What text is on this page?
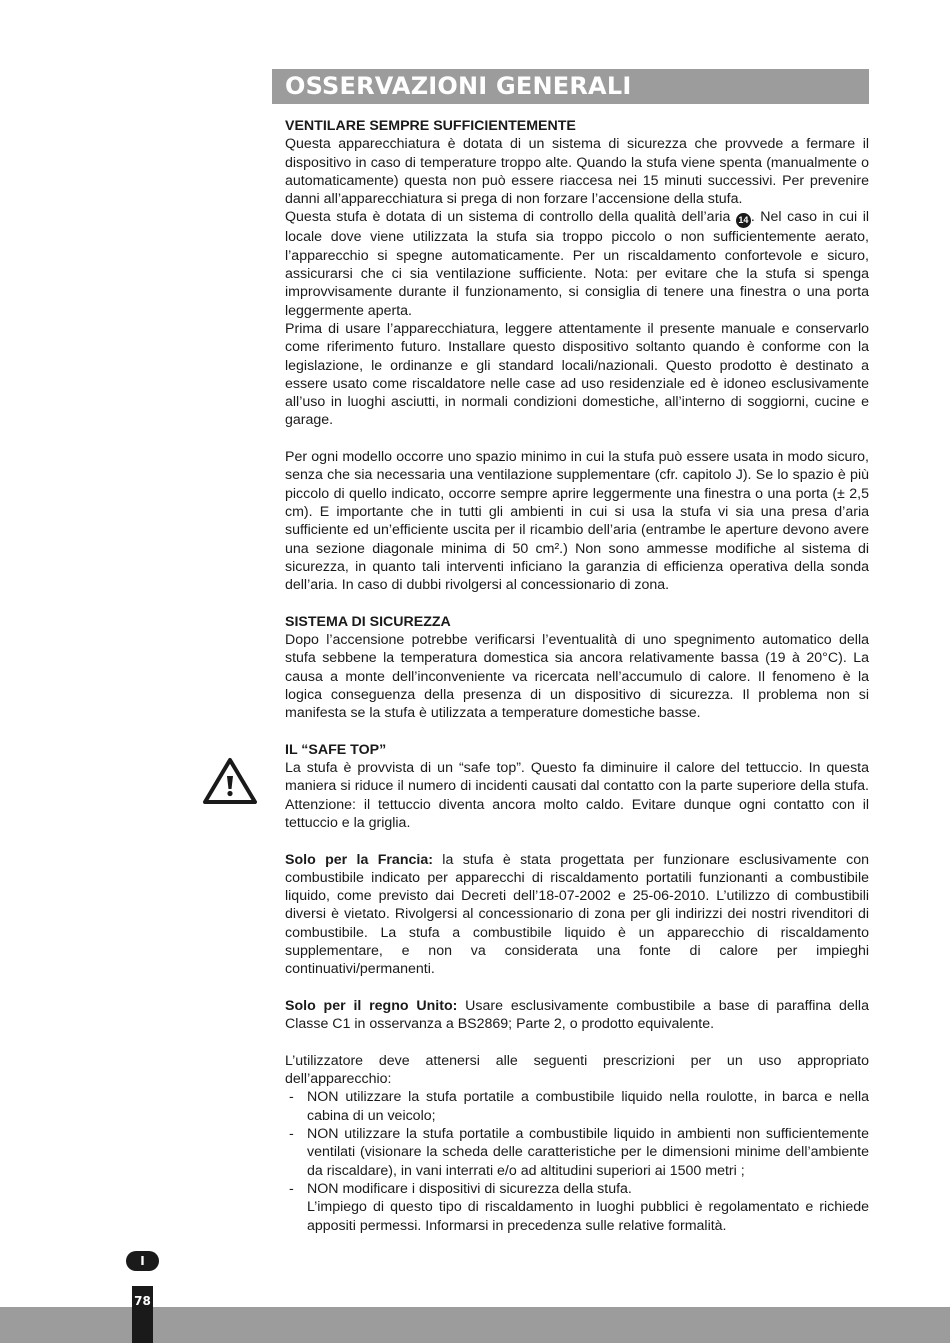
OSSERVAZIONI GENERALI

VENTILARE SEMPRE SUFFICIENTEMENTE

Questa apparecchiatura è dotata di un sistema di sicurezza che provvede a fermare il dispositivo in caso di temperature troppo alte. Quando la stufa viene spenta (manualmente o automaticamente) questa non può essere riaccesa nei 15 minuti successivi. Per prevenire danni all’apparecchiatura si prega di non forzare l’accensione della stufa.

Questa stufa è dotata di un sistema di controllo della qualità dell’aria 14 . Nel caso in cui il locale dove viene utilizzata la stufa sia troppo piccolo o non sufficientemente aerato, l’apparecchio si spegne automaticamente. Per un riscaldamento confortevole e sicuro, assicurarsi che ci sia ventilazione sufficiente. Nota: per evitare che la stufa si spenga improvvisamente durante il funzionamento, si consiglia di tenere una finestra o una porta leggermente aperta.

Prima di usare l’apparecchiatura, leggere attentamente il presente manuale e conservarlo come riferimento futuro. Installare questo dispositivo soltanto quando è conforme con la legislazione, le ordinanze e gli standard locali/nazionali. Questo prodotto è destinato a essere usato come riscaldatore nelle case ad uso residenziale ed è idoneo esclusivamente all’uso in luoghi asciutti, in normali condizioni domestiche, all’interno di soggiorni, cucine e garage.

Per ogni modello occorre uno spazio minimo in cui la stufa può essere usata in modo sicuro, senza che sia necessaria una ventilazione supplementare (cfr. capitolo J). Se lo spazio è più piccolo di quello indicato, occorre sempre aprire leggermente una finestra o una porta (± 2,5 cm). E importante che in tutti gli ambienti in cui si usa la stufa vi sia una presa d’aria sufficiente ed un’efficiente uscita per il ricambio dell’aria (entrambe le aperture devono avere una sezione diagonale minima di 50 cm².) Non sono ammesse modifiche al sistema di sicurezza, in quanto tali interventi inficiano la garanzia di efficienza operativa della sonda dell’aria. In caso di dubbi rivolgersi al concessionario di zona.

SISTEMA DI SICUREZZA

Dopo l’accensione potrebbe verificarsi l’eventualità di uno spegnimento automatico della stufa sebbene la temperatura domestica sia ancora relativamente bassa (19 à 20°C). La causa a monte dell’inconveniente va ricercata nell’accumulo di calore. Il fenomeno è la logica conseguenza della presenza di un dispositivo di sicurezza. Il problema non si manifesta se la stufa è utilizzata a temperature domestiche basse.

IL “SAFE TOP”

La stufa è provvista di un “safe top”. Questo fa diminuire il calore del tettuccio. In questa maniera si riduce il numero di incidenti causati dal contatto con la parte superiore della stufa. Attenzione: il tettuccio diventa ancora molto caldo. Evitare dunque ogni contatto con il tettuccio e la griglia.

Solo per la Francia: la stufa è stata progettata per funzionare esclusivamente con combustibile indicato per apparecchi di riscaldamento portatili funzionanti a combustibile liquido, come previsto dai Decreti dell’18-07-2002 e 25-06-2010. L’utilizzo di combustibili diversi è vietato. Rivolgersi al concessionario di zona per gli indirizzi dei nostri rivenditori di combustibile. La stufa a combustibile liquido è un apparecchio di riscaldamento supplementare, e non va considerata una fonte di calore per impieghi continuativi/permanenti.

Solo per il regno Unito: Usare esclusivamente combustibile a base di paraffina della Classe C1 in osservanza a BS2869; Parte 2, o prodotto equivalente.

L’utilizzatore deve attenersi alle seguenti prescrizioni per un uso appropriato dell’apparecchio:

- NON utilizzare la stufa portatile a combustibile liquido nella roulotte, in barca e nella cabina di un veicolo;
- NON utilizzare la stufa portatile a combustibile liquido in ambienti non sufficientemente ventilati (visionare la scheda delle caratteristiche per le dimensioni minime dell’ambiente da riscaldare), in vani interrati e/o ad altitudini superiori ai 1500 metri ;
- NON modificare i dispositivi di sicurezza della stufa.
L’impiego di questo tipo di riscaldamento in luoghi pubblici è regolamentato e richiede appositi permessi. Informarsi in precedenza sulle relative formalità.
I
78
